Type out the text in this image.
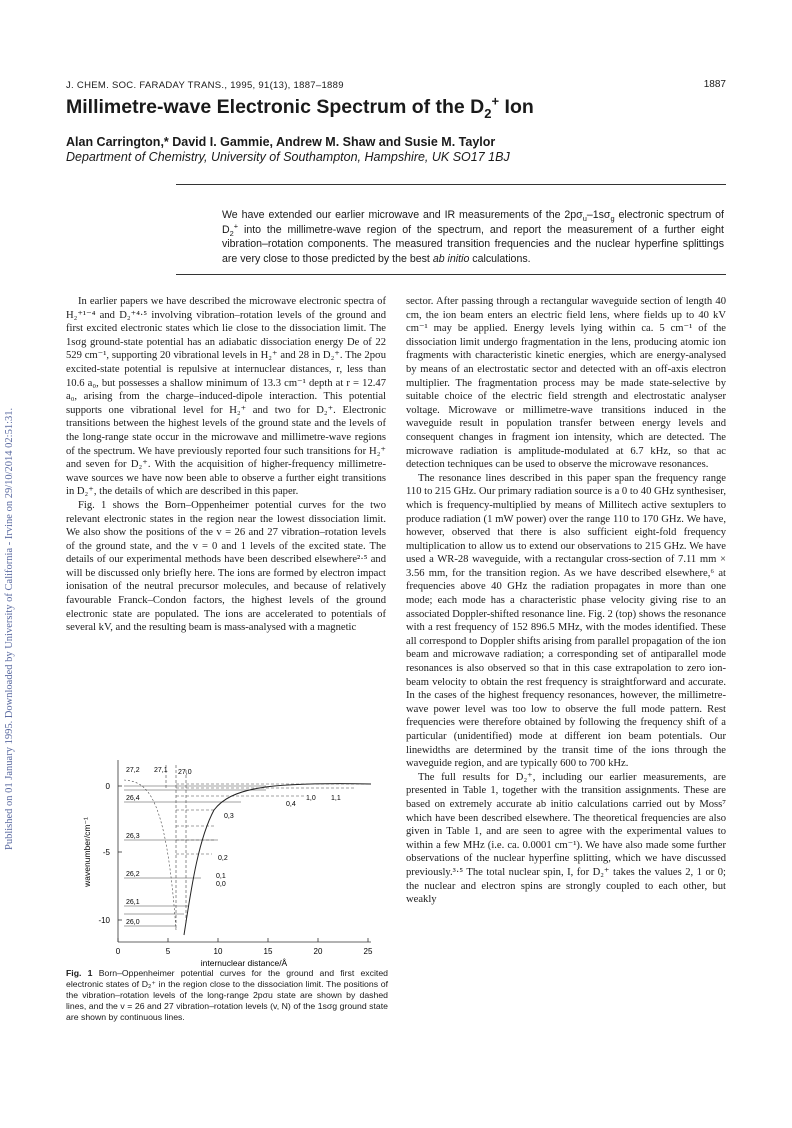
Published on 01 January 1995. Downloaded by University of California - Irvine on 29/10/2014 02:51:31.
J. CHEM. SOC. FARADAY TRANS., 1995, 91(13), 1887–1889	1887
Millimetre-wave Electronic Spectrum of the $D_2^+$ Ion
Alan Carrington,* David I. Gammie, Andrew M. Shaw and Susie M. Taylor
Department of Chemistry, University of Southampton, Hampshire, UK SO17 1BJ

We have extended our earlier microwave and IR measurements of the $2p\sigma_u-1s\sigma_g$ electronic spectrum of $D_2^+$ into the millimetre-wave region of the spectrum, and report the measurement of a further eight vibration–rotation components. The measured transition frequencies and the nuclear hyperfine splittings are very close to those predicted by the best ab initio calculations.

In earlier papers we have described the microwave electronic spectra of H₂⁺¹⁻⁴ and D₂⁺⁴·⁵ involving vibration–rotation levels of the ground and first excited electronic states which lie close to the dissociation limit. The 1sσg ground-state potential has an adiabatic dissociation energy De of 22 529 cm⁻¹, supporting 20 vibrational levels in H₂⁺ and 28 in D₂⁺. The 2pσu excited-state potential is repulsive at internuclear distances, r, less than 10.6 a₀, but possesses a shallow minimum of 13.3 cm⁻¹ depth at r = 12.47 a₀, arising from the charge–induced-dipole interaction. This potential supports one vibrational level for H₂⁺ and two for D₂⁺. Electronic transitions between the highest levels of the ground state and the levels of the long-range state occur in the microwave and millimetre-wave regions of the spectrum. We have previously reported four such transitions for H₂⁺ and seven for D₂⁺. With the acquisition of higher-frequency millimetre-wave sources we have now been able to observe a further eight transitions in D₂⁺, the details of which are described in this paper.

Fig. 1 shows the Born–Oppenheimer potential curves for the two relevant electronic states in the region near the lowest dissociation limit. We also show the positions of the v = 26 and 27 vibration–rotation levels of the ground state, and the v = 0 and 1 levels of the excited state. The details of our experimental methods have been described elsewhere²·⁵ and will be discussed only briefly here. The ions are formed by electron impact ionisation of the neutral precursor molecules, and because of relatively favourable Franck–Condon factors, the highest levels of the ground electronic state are populated. The ions are accelerated to potentials of several kV, and the resulting beam is mass-analysed with a magnetic

sector. After passing through a rectangular waveguide section of length 40 cm, the ion beam enters an electric field lens, where fields up to 40 kV cm⁻¹ may be applied. Energy levels lying within ca. 5 cm⁻¹ of the dissociation limit undergo fragmentation in the lens, producing atomic ion fragments with characteristic kinetic energies, which are energy-analysed by means of an electrostatic sector and detected with an off-axis electron multiplier. The fragmentation process may be made state-selective by suitable choice of the electric field strength and electrostatic analyser voltage. Microwave or millimetre-wave transitions induced in the waveguide result in population transfer between energy levels and consequent changes in fragment ion intensity, which are detected. The microwave radiation is amplitude-modulated at 6.7 kHz, so that ac detection techniques can be used to observe the microwave resonances.

The resonance lines described in this paper span the frequency range 110 to 215 GHz. Our primary radiation source is a 0 to 40 GHz synthesiser, which is frequency-multiplied by means of Millitech active sextuplers to produce radiation (1 mW power) over the range 110 to 170 GHz. We have, however, observed that there is also sufficient eight-fold frequency multiplication to allow us to extend our observations to 215 GHz. We have used a WR-28 waveguide, with a rectangular cross-section of 7.11 mm × 3.56 mm, for the transition region. As we have described elsewhere,⁶ at frequencies above 40 GHz the radiation propagates in more than one mode; each mode has a characteristic phase velocity giving rise to an associated Doppler-shifted resonance line. Fig. 2 (top) shows the resonance with a rest frequency of 152 896.5 MHz, with the modes identified. These all correspond to Doppler shifts arising from parallel propagation of the ion beam and microwave radiation; a corresponding set of antiparallel mode resonances is also observed so that in this case extrapolation to zero ion-beam velocity to obtain the rest frequency is straightforward and accurate. In the cases of the highest frequency resonances, however, the millimetre-wave power level was too low to observe the full mode pattern. Rest frequencies were therefore obtained by following the frequency shift of a particular (unidentified) mode at different ion beam potentials. Our linewidths are determined by the transit time of the ions through the waveguide region, and are typically 600 to 700 kHz.

The full results for D₂⁺, including our earlier measurements, are presented in Table 1, together with the transition assignments. These are based on extremely accurate ab initio calculations carried out by Moss⁷ which have been described elsewhere. The theoretical frequencies are also given in Table 1, and are seen to agree with the experimental values to within a few MHz (i.e. ca. 0.0001 cm⁻¹). We have also made some further observations of the nuclear hyperfine splitting, which we have discussed previously.³·⁵ The total nuclear spin, I, for D₂⁺ takes the values 2, 1 or 0; the nuclear and electron spins are strongly coupled to each other, but weakly

0
-5
-10
0	5	10	15	20	25
internuclear distance/Å
wavenumber/cm⁻¹
27,2 27,1 27,0
26,4
26,3
26,2
26,1
26,0
0,4
1,0 1,1
0,3
0,2
0,1
0,0

Fig. 1 Born–Oppenheimer potential curves for the ground and first excited electronic states of D₂⁺ in the region close to the dissociation limit. The positions of the vibration–rotation levels of the long-range 2pσu state are shown by dashed lines, and the v = 26 and 27 vibration–rotation levels (v, N) of the 1sσg ground state are shown by continuous lines.
